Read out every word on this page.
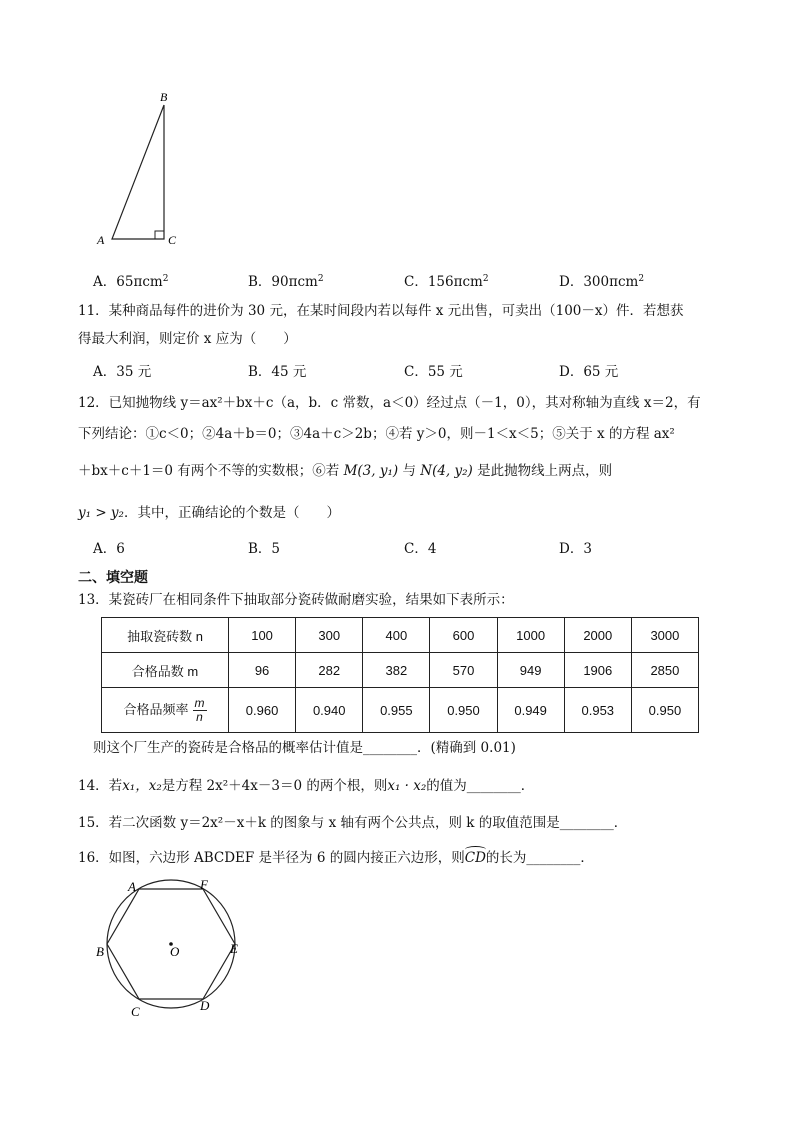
B
A	C
A．65πcm$^2$	B．90πcm$^2$	C．156πcm$^2$	D．300πcm$^2$
11．某种商品每件的进价为 30 元，在某时间段内若以每件 x 元出售，可卖出（100－x）件．若想获
得最大利润，则定价 x 应为（　　）
A．35 元	B．45 元	C．55 元	D．65 元
12．已知抛物线 y＝ax²＋bx＋c（a，b．c 常数，a＜0）经过点（－1，0），其对称轴为直线 x＝2，有
下列结论：①c＜0；②4a＋b＝0；③4a＋c＞2b；④若 y＞0，则－1＜x＜5；⑤关于 x 的方程 ax²
＋bx＋c＋1＝0 有两个不等的实数根；⑥若 M(3, y₁) 与 N(4, y₂) 是此抛物线上两点，则
y₁ > y₂．其中，正确结论的个数是（　　）
A．6	B．5	C．4	D．3
二、填空题
13．某瓷砖厂在相同条件下抽取部分瓷砖做耐磨实验，结果如下表所示：
抽取瓷砖数 n	100	300	400	600	1000	2000	3000
合格品数 m	96	282	382	570	949	1906	2850
合格品频率 $\frac{m}{n}$	0.960	0.940	0.955	0.950	0.949	0.953	0.950
则这个厂生产的瓷砖是合格品的概率估计值是________．(精确到 0.01)
14．若x₁，x₂是方程 2x²＋4x－3＝0 的两个根，则x₁ · x₂的值为________．
15．若二次函数 y＝2x²－x＋k 的图象与 x 轴有两个公共点，则 k 的取值范围是________．
16．如图，六边形 ABCDEF 是半径为 6 的圆内接正六边形，则CD的长为________．
A	F
B	E
C	D
O
